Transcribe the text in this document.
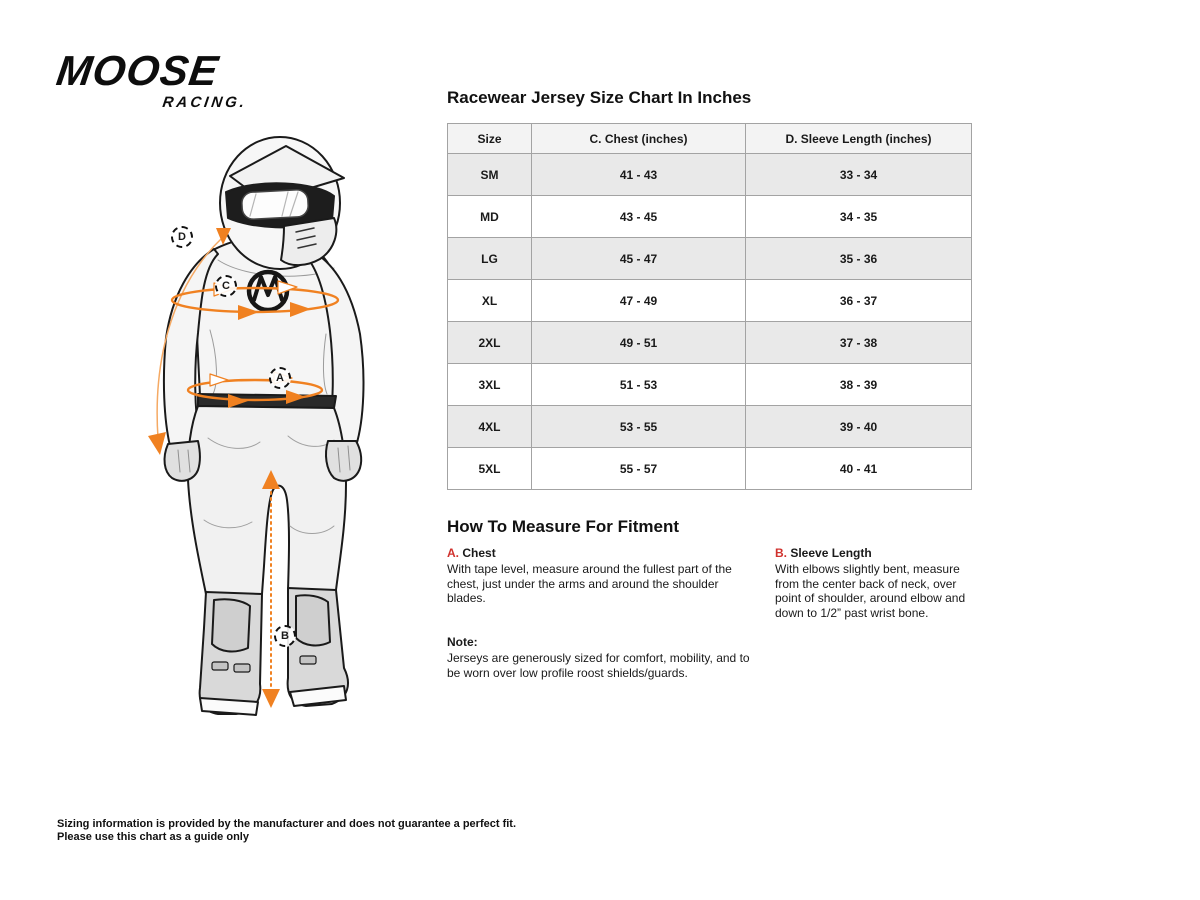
MOOSE
RACING.
D
C
A
B
Racewear Jersey Size Chart In Inches
Size	C. Chest (inches)	D. Sleeve Length (inches)
SM	41 - 43	33 - 34
MD	43 - 45	34 - 35
LG	45 - 47	35 - 36
XL	47 - 49	36 - 37
2XL	49 - 51	37 - 38
3XL	51 - 53	38 - 39
4XL	53 - 55	39 - 40
5XL	55 - 57	40 - 41
How To Measure For Fitment
A. Chest
With tape level, measure around the fullest part of the chest, just under the arms and around the shoulder blades.
Note:
Jerseys are generously sized for comfort, mobility, and to be worn over low profile roost shields/guards.
B. Sleeve Length
With elbows slightly bent, measure from the center back of neck, over point of shoulder, around elbow and down to 1/2” past wrist bone.
Sizing information is provided by the manufacturer and does not guarantee a perfect fit.
Please use this chart as a guide only
